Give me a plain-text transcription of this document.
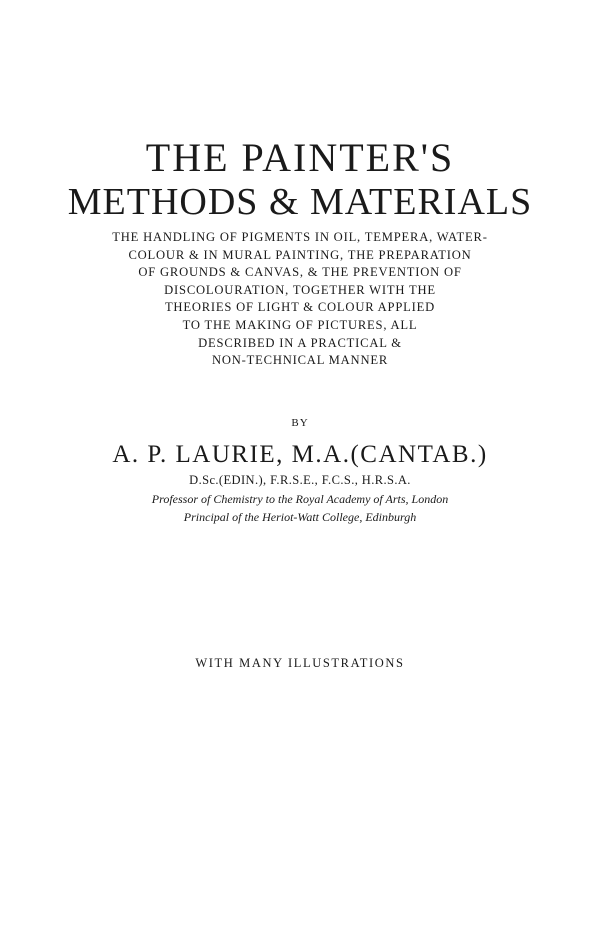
THE PAINTER'S
METHODS & MATERIALS
THE HANDLING OF PIGMENTS IN OIL, TEMPERA, WATER-
COLOUR & IN MURAL PAINTING, THE PREPARATION
OF GROUNDS & CANVAS, & THE PREVENTION OF
DISCOLOURATION, TOGETHER WITH THE
THEORIES OF LIGHT & COLOUR APPLIED
TO THE MAKING OF PICTURES, ALL
DESCRIBED IN A PRACTICAL &
NON-TECHNICAL MANNER
BY
A. P. LAURIE, M.A.(CANTAB.)
D.Sc.(EDIN.), F.R.S.E., F.C.S., H.R.S.A.
Professor of Chemistry to the Royal Academy of Arts, London
Principal of the Heriot-Watt College, Edinburgh
WITH MANY ILLUSTRATIONS
